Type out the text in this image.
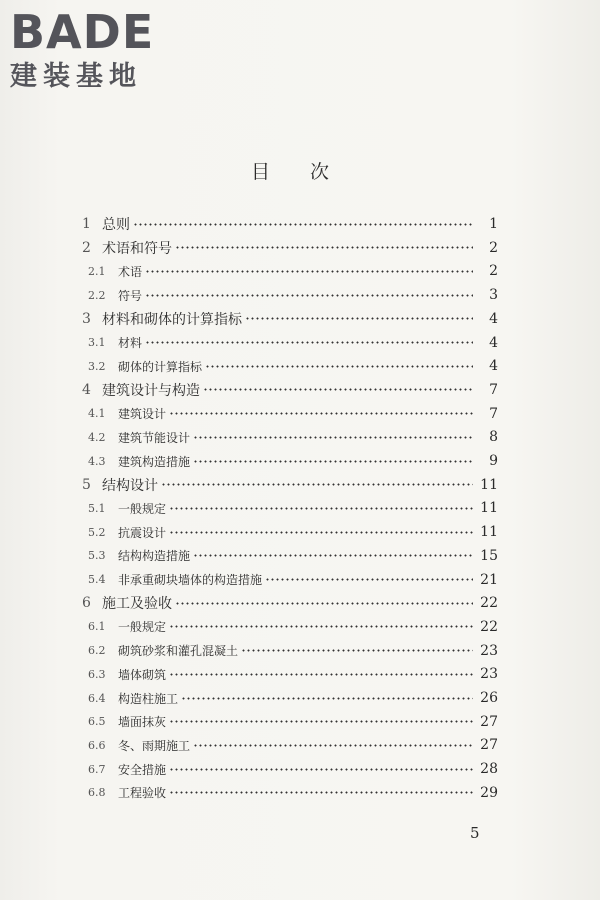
BADE
建装基地
目次
1 总则	1
2 术语和符号	2
2.1	术语	2
2.2	符号	3
3 材料和砌体的计算指标	4
3.1	材料	4
3.2	砌体的计算指标	4
4 建筑设计与构造	7
4.1	建筑设计	7
4.2	建筑节能设计	8
4.3	建筑构造措施	9
5 结构设计	11
5.1	一般规定	11
5.2	抗震设计	11
5.3	结构构造措施	15
5.4	非承重砌块墙体的构造措施	21
6 施工及验收	22
6.1	一般规定	22
6.2	砌筑砂浆和灌孔混凝土	23
6.3	墙体砌筑	23
6.4	构造柱施工	26
6.5	墙面抹灰	27
6.6	冬、雨期施工	27
6.7	安全措施	28
6.8	工程验收	29
5
